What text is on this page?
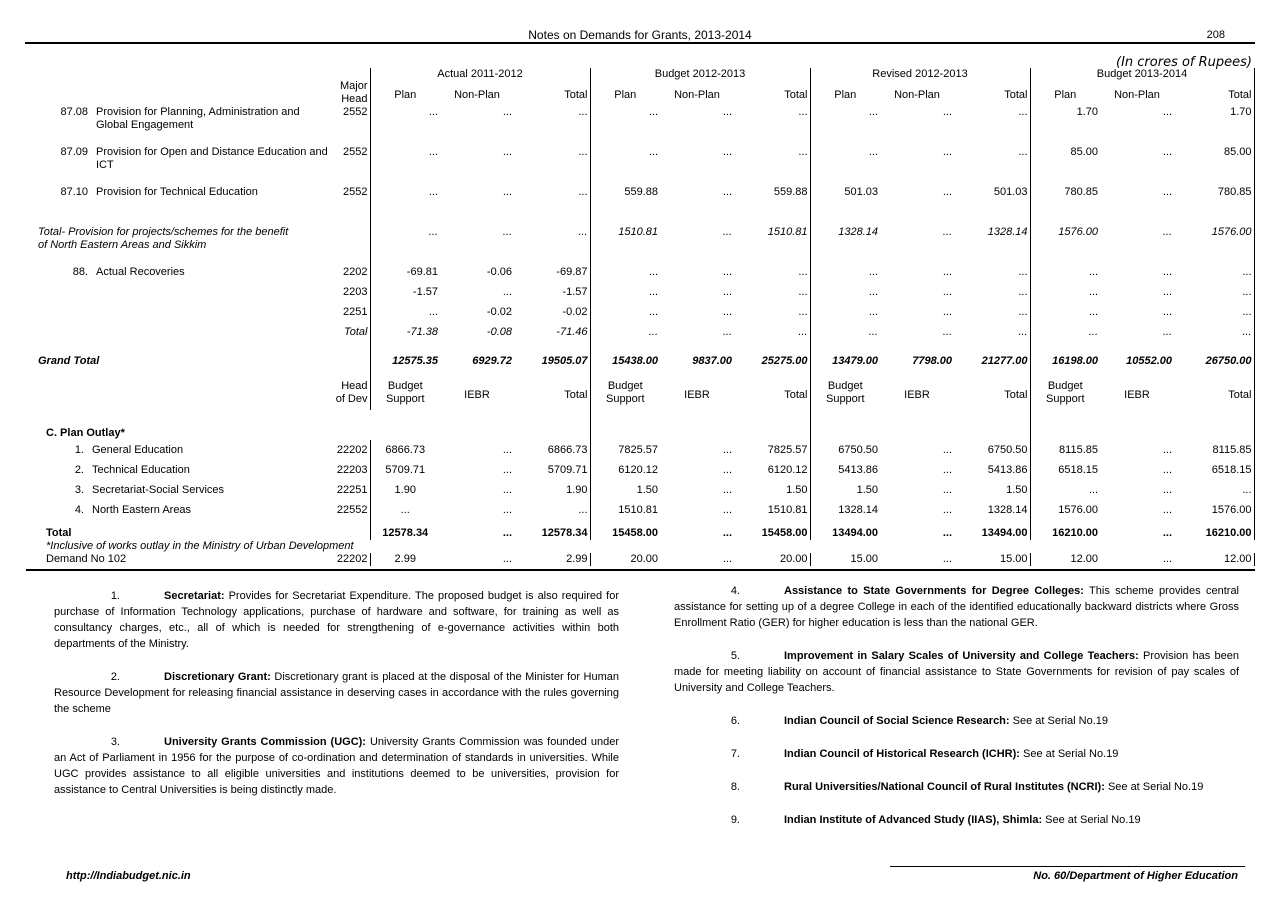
Notes on Demands for Grants, 2013-2014	208
(In crores of Rupees)
		Major Head	Actual 2011-2012			Budget 2012-2013			Revised 2012-2013			Budget 2013-2014		
			Plan	Non-Plan	Total	Plan	Non-Plan	Total	Plan	Non-Plan	Total	Plan	Non-Plan	Total
87.08	Provision for Planning, Administration and Global Engagement	2552	...	...	...	...	...	...	...	...	...	1.70	...	1.70
87.09	Provision for Open and Distance Education and ICT	2552	...	...	...	...	...	...	...	...	...	85.00	...	85.00
87.10	Provision for Technical Education	2552	...	...	...	559.88	...	559.88	501.03	...	501.03	780.85	...	780.85
Total- Provision for projects/schemes for the benefit of North Eastern Areas and Sikkim			...	...	...	1510.81	...	1510.81	1328.14	...	1328.14	1576.00	...	1576.00
88.	Actual Recoveries	2202	-69.81	-0.06	-69.87	...	...	...	...	...	...	...	...	...
		2203	-1.57	...	-1.57	...	...	...	...	...	...	...	...	...
		2251	...	-0.02	-0.02	...	...	...	...	...	...	...	...	...
		Total	-71.38	-0.08	-71.46	...	...	...	...	...	...	...	...	...
Grand Total			12575.35	6929.72	19505.07	15438.00	9837.00	25275.00	13479.00	7798.00	21277.00	16198.00	10552.00	26750.00

		Head of Dev	Budget Support	IEBR	Total	Budget Support	IEBR	Total	Budget Support	IEBR	Total	Budget Support	IEBR	Total
C. Plan Outlay*														
1.	General Education	22202	6866.73	...	6866.73	7825.57	...	7825.57	6750.50	...	6750.50	8115.85	...	8115.85
2.	Technical Education	22203	5709.71	...	5709.71	6120.12	...	6120.12	5413.86	...	5413.86	6518.15	...	6518.15
3.	Secretariat-Social Services	22251	1.90	...	1.90	1.50	...	1.50	1.50	...	1.50	...	...	...
4.	North Eastern Areas	22552	...	...	...	1510.81	...	1510.81	1328.14	...	1328.14	1576.00	...	1576.00
Total			12578.34	...	12578.34	15458.00	...	15458.00	13494.00	...	13494.00	16210.00	...	16210.00
*Inclusive of works outlay in the Ministry of Urban Development														
Demand No 102		22202	2.99	...	2.99	20.00	...	20.00	15.00	...	15.00	12.00	...	12.00

1.	Secretariat: Provides for Secretariat Expenditure. The proposed budget is also required for purchase of Information Technology applications, purchase of hardware and software, for training as well as consultancy charges, etc., all of which is needed for strengthening of e-governance activities within both departments of the Ministry.

2.	Discretionary Grant: Discretionary grant is placed at the disposal of the Minister for Human Resource Development for releasing financial assistance in deserving cases in accordance with the rules governing the scheme

3.	University Grants Commission (UGC): University Grants Commission was founded under an Act of Parliament in 1956 for the purpose of co-ordination and determination of standards in universities. While UGC provides assistance to all eligible universities and institutions deemed to be universities, provision for assistance to Central Universities is being distinctly made.

4.	Assistance to State Governments for Degree Colleges: This scheme provides central assistance for setting up of a degree College in each of the identified educationally backward districts where Gross Enrollment Ratio (GER) for higher education is less than the national GER.

5.	Improvement in Salary Scales of University and College Teachers: Provision has been made for meeting liability on account of financial assistance to State Governments for revision of pay scales of University and College Teachers.

6.	Indian Council of Social Science Research: See at Serial No.19

7.	Indian Council of Historical Research (ICHR): See at Serial No.19

8.	Rural Universities/National Council of Rural Institutes (NCRI): See at Serial No.19

9.	Indian Institute of Advanced Study (IIAS), Shimla: See at Serial No.19

http://Indiabudget.nic.in	No. 60/Department of Higher Education
